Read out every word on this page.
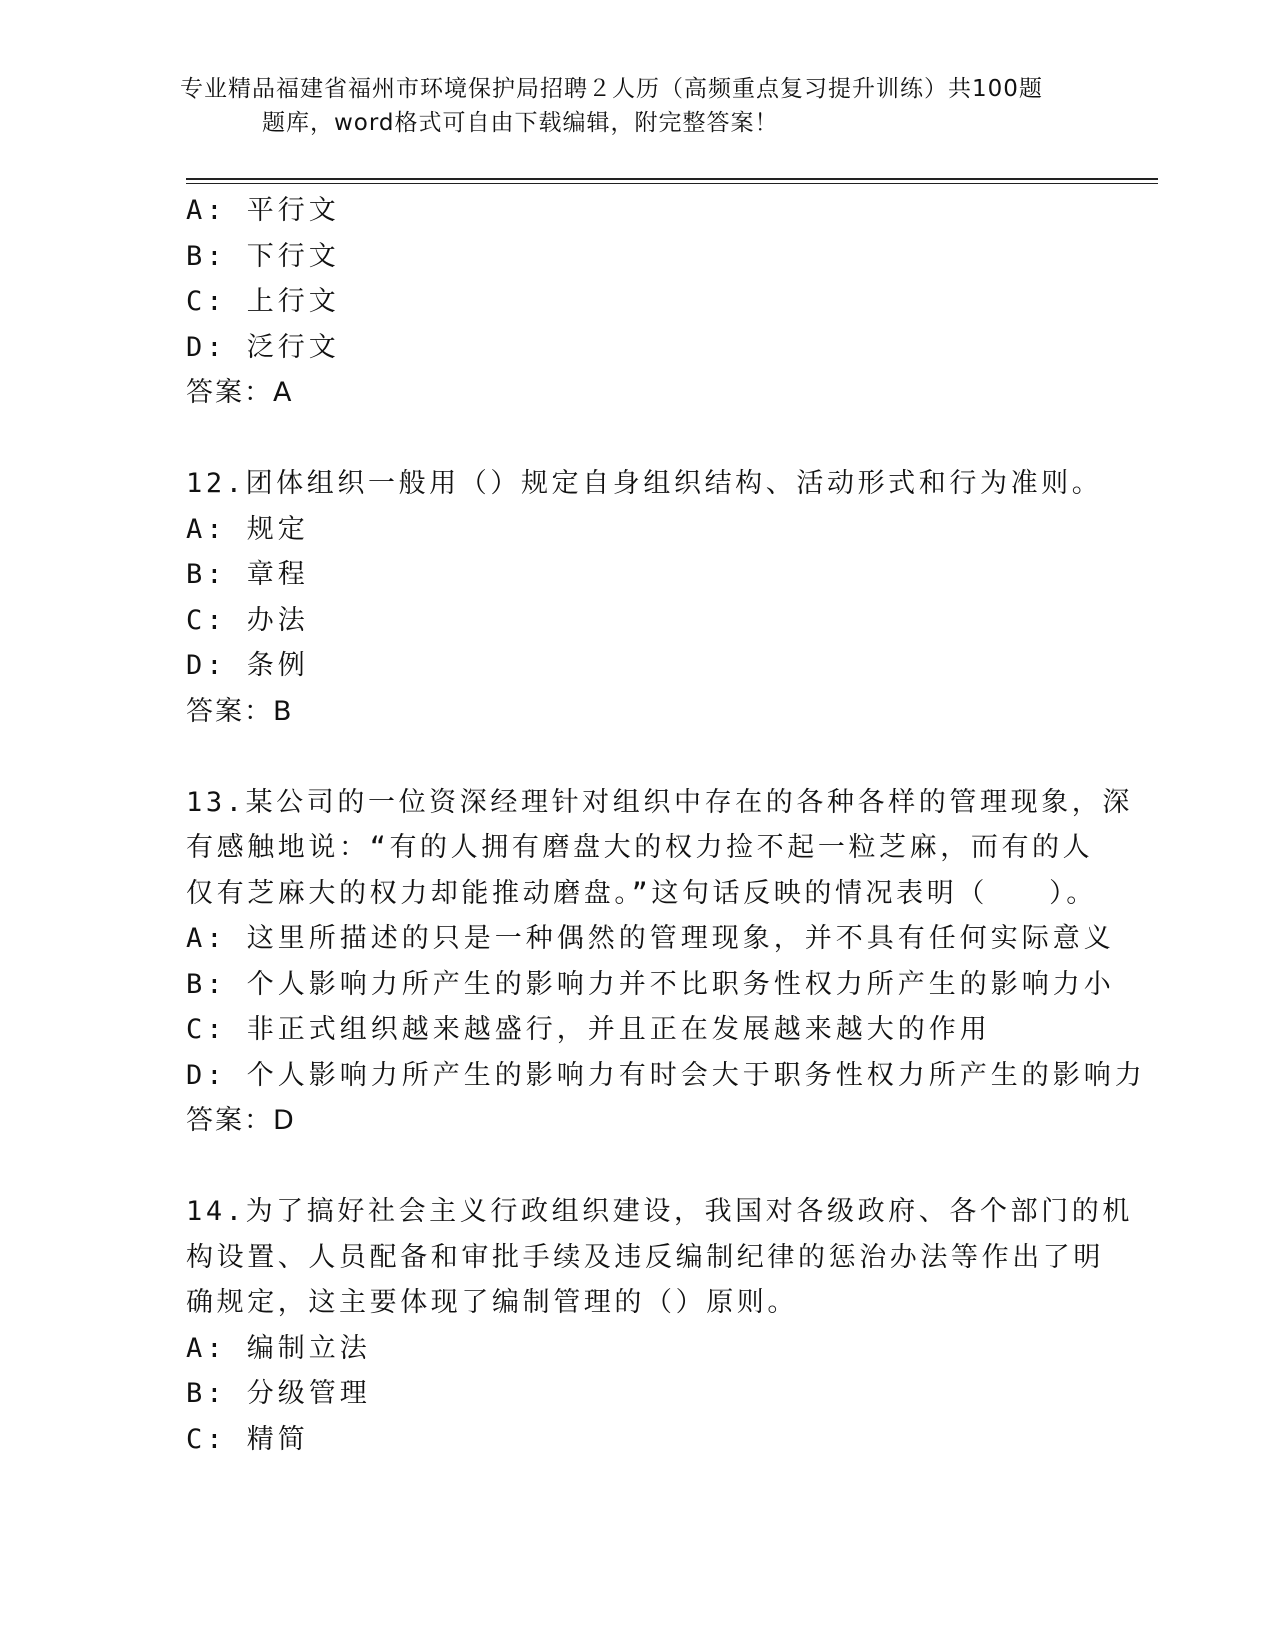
专业精品福建省福州市环境保护局招聘２人历（高频重点复习提升训练）共100题
题库，word格式可自由下载编辑，附完整答案！
A: 平行文
B: 下行文
C: 上行文
D: 泛行文
答案：A
12.团体组织一般用（）规定自身组织结构、活动形式和行为准则。
A: 规定
B: 章程
C: 办法
D: 条例
答案：B
13.某公司的一位资深经理针对组织中存在的各种各样的管理现象，深
有感触地说：“有的人拥有磨盘大的权力捡不起一粒芝麻，而有的人
仅有芝麻大的权力却能推动磨盘。”这句话反映的情况表明（　　）。
A: 这里所描述的只是一种偶然的管理现象，并不具有任何实际意义
B: 个人影响力所产生的影响力并不比职务性权力所产生的影响力小
C: 非正式组织越来越盛行，并且正在发展越来越大的作用
D: 个人影响力所产生的影响力有时会大于职务性权力所产生的影响力
答案：D
14.为了搞好社会主义行政组织建设，我国对各级政府、各个部门的机
构设置、人员配备和审批手续及违反编制纪律的惩治办法等作出了明
确规定，这主要体现了编制管理的（）原则。
A: 编制立法
B: 分级管理
C: 精简
